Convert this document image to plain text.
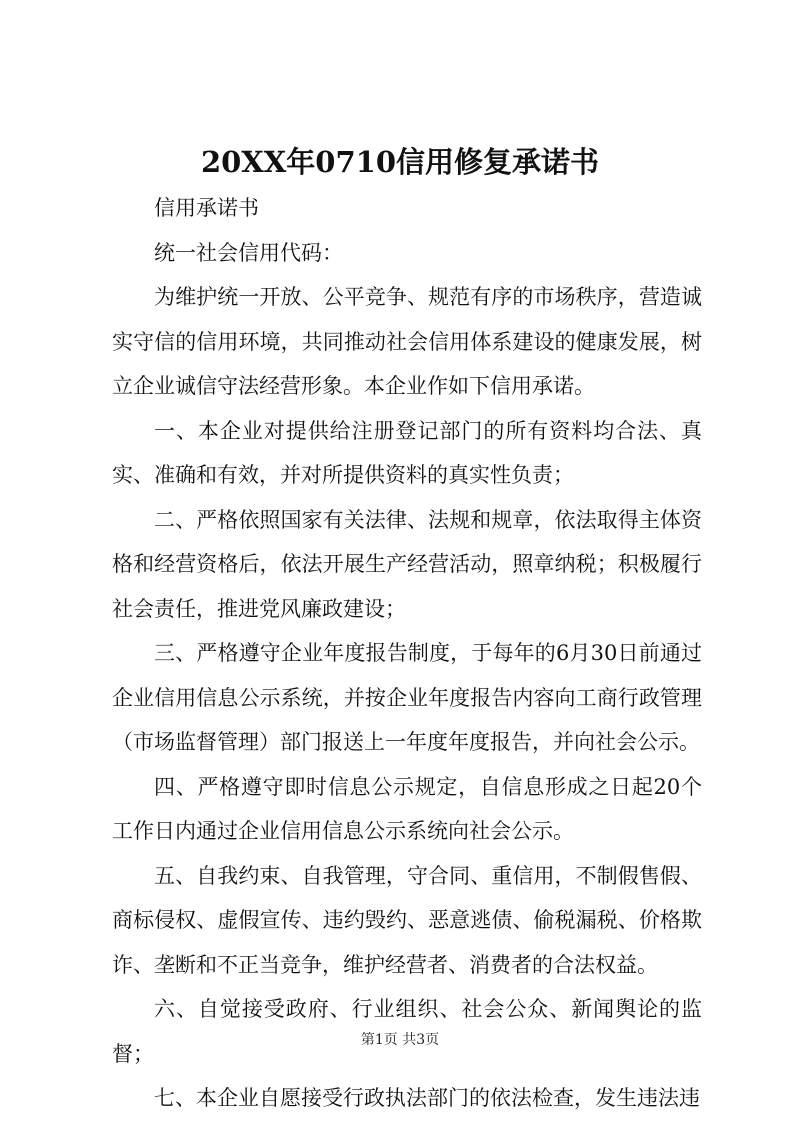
20XX年0710信用修复承诺书

信用承诺书

统一社会信用代码：

为维护统一开放、公平竞争、规范有序的市场秩序，营造诚实守信的信用环境，共同推动社会信用体系建设的健康发展，树立企业诚信守法经营形象。本企业作如下信用承诺。

一、本企业对提供给注册登记部门的所有资料均合法、真实、准确和有效，并对所提供资料的真实性负责；

二、严格依照国家有关法律、法规和规章，依法取得主体资格和经营资格后，依法开展生产经营活动，照章纳税；积极履行社会责任，推进党风廉政建设；

三、严格遵守企业年度报告制度，于每年的6月30日前通过企业信用信息公示系统，并按企业年度报告内容向工商行政管理（市场监督管理）部门报送上一年度年度报告，并向社会公示。

四、严格遵守即时信息公示规定，自信息形成之日起20个工作日内通过企业信用信息公示系统向社会公示。

五、自我约束、自我管理，守合同、重信用，不制假售假、商标侵权、虚假宣传、违约毁约、恶意逃债、偷税漏税、价格欺诈、垄断和不正当竞争，维护经营者、消费者的合法权益。

六、自觉接受政府、行业组织、社会公众、新闻舆论的监督；

七、本企业自愿接受行政执法部门的依法检查，发生违法违

第1页 共3页
